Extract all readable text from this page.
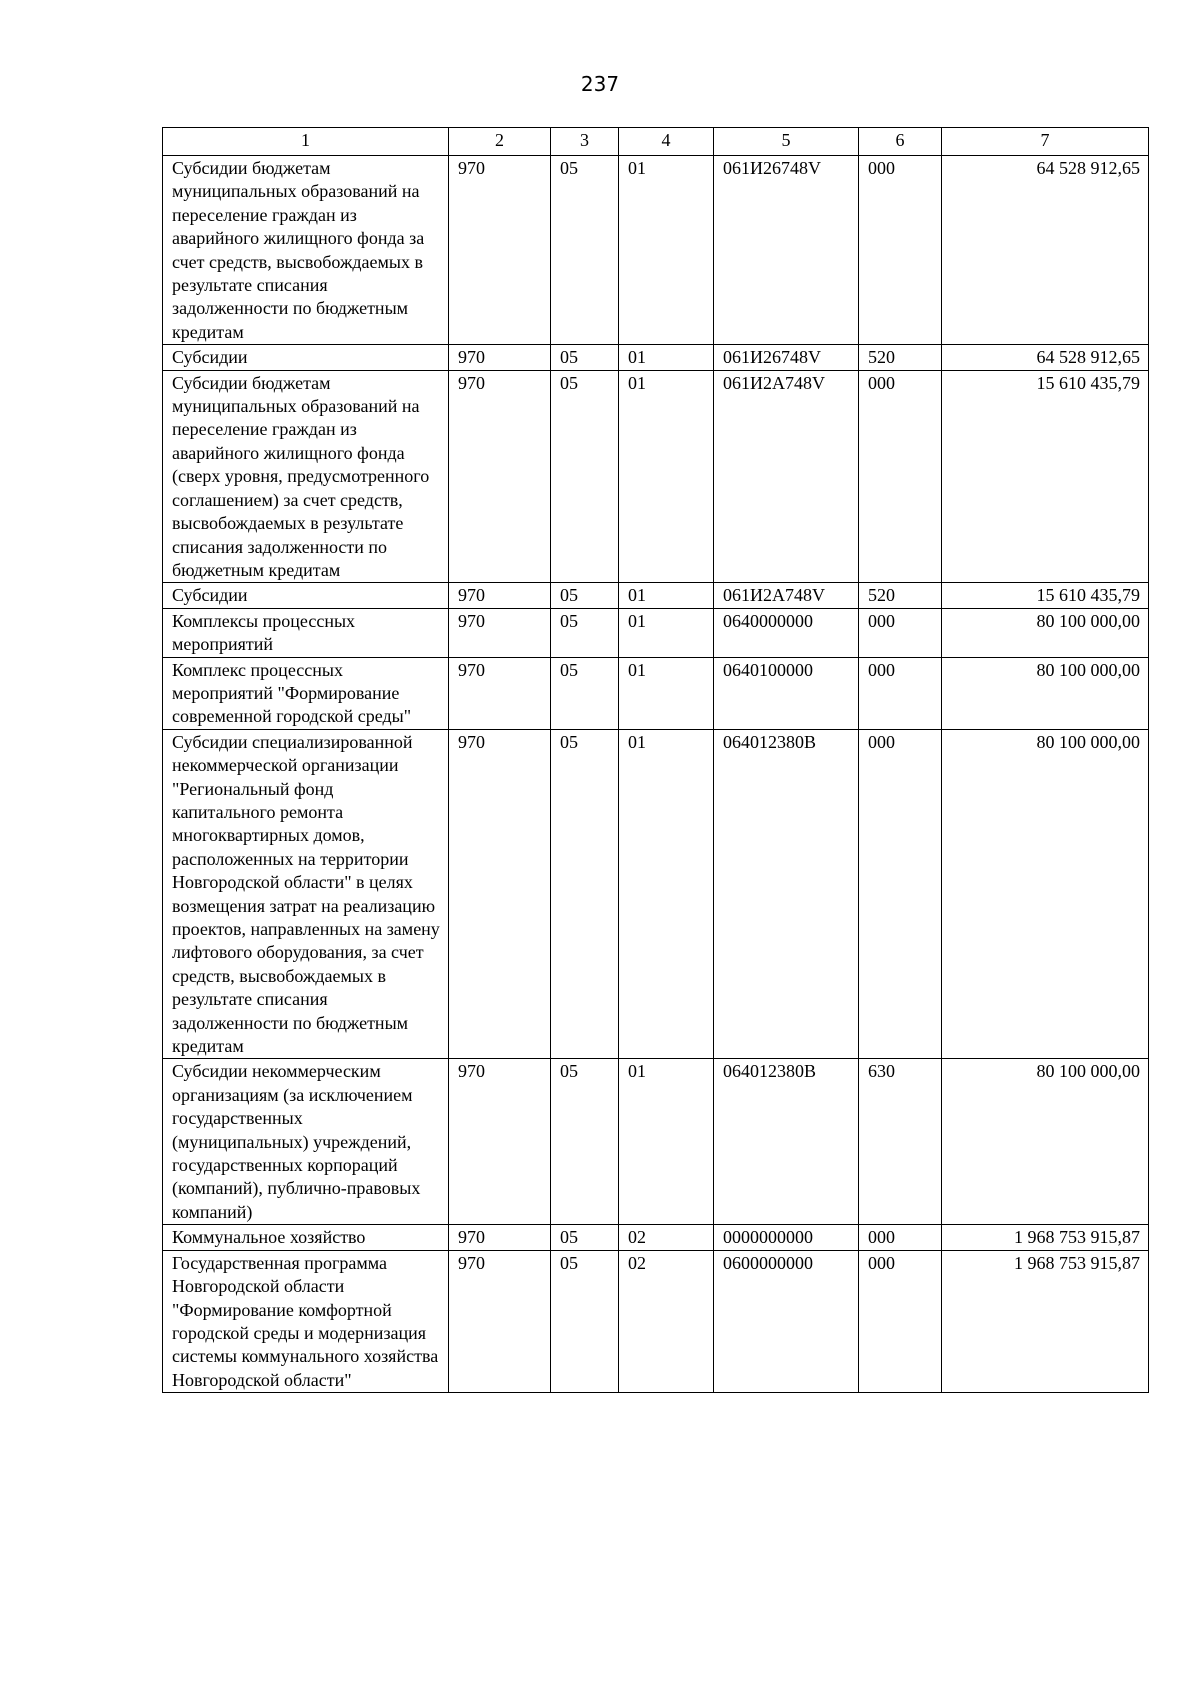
237
1	2	3	4	5	6	7
Субсидии бюджетам муниципальных образований на переселение граждан из аварийного жилищного фонда за счет средств, высвобождаемых в результате списания задолженности по бюджетным кредитам	970	05	01	061И26748V	000	64 528 912,65
Субсидии	970	05	01	061И26748V	520	64 528 912,65
Субсидии бюджетам муниципальных образований на переселение граждан из аварийного жилищного фонда (сверх уровня, предусмотренного соглашением) за счет средств, высвобождаемых в результате списания задолженности по бюджетным кредитам	970	05	01	061И2А748V	000	15 610 435,79
Субсидии	970	05	01	061И2А748V	520	15 610 435,79
Комплексы процессных мероприятий	970	05	01	0640000000	000	80 100 000,00
Комплекс процессных мероприятий "Формирование современной городской среды"	970	05	01	0640100000	000	80 100 000,00
Субсидии специализированной некоммерческой организации "Региональный фонд капитального ремонта многоквартирных домов, расположенных на территории Новгородской области" в целях возмещения затрат на реализацию проектов, направленных на замену лифтового оборудования, за счет средств, высвобождаемых в результате списания задолженности по бюджетным кредитам	970	05	01	064012380В	000	80 100 000,00
Субсидии некоммерческим организациям (за исключением государственных (муниципальных) учреждений, государственных корпораций (компаний), публично-правовых компаний)	970	05	01	064012380В	630	80 100 000,00
Коммунальное хозяйство	970	05	02	0000000000	000	1 968 753 915,87
Государственная программа Новгородской области "Формирование комфортной городской среды и модернизация системы коммунального хозяйства Новгородской области"	970	05	02	0600000000	000	1 968 753 915,87
